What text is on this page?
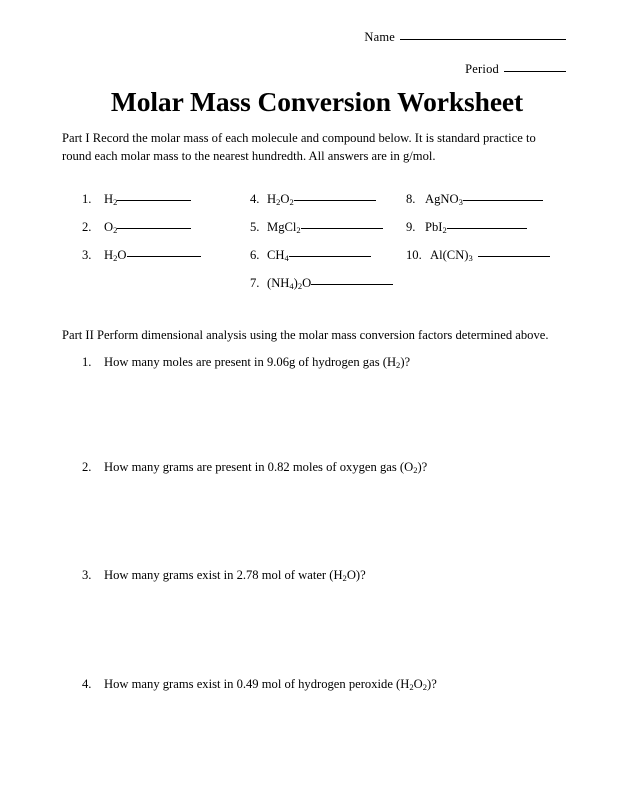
Name
Period
Molar Mass Conversion Worksheet
Part I Record the molar mass of each molecule and compound below. It is standard practice to round each molar mass to the nearest hundredth. All answers are in g/mol.
1. $H_2$
2. $O_2$
3. $H_2O$
4. $H_2O_2$
5. MgCl$_2$
6. $CH_4$
7. $(NH_4)_2O$
8. AgNO$_3$
9. PbI$_2$
10. $Al(CN)_3$
Part II Perform dimensional analysis using the molar mass conversion factors determined above.
1. How many moles are present in 9.06g of hydrogen gas $(H_2)$?
2. How many grams are present in 0.82 moles of oxygen gas $(O_2)$?
3. How many grams exist in 2.78 mol of water $(H_2O)$?
4. How many grams exist in 0.49 mol of hydrogen peroxide $(H_2O_2)$?
